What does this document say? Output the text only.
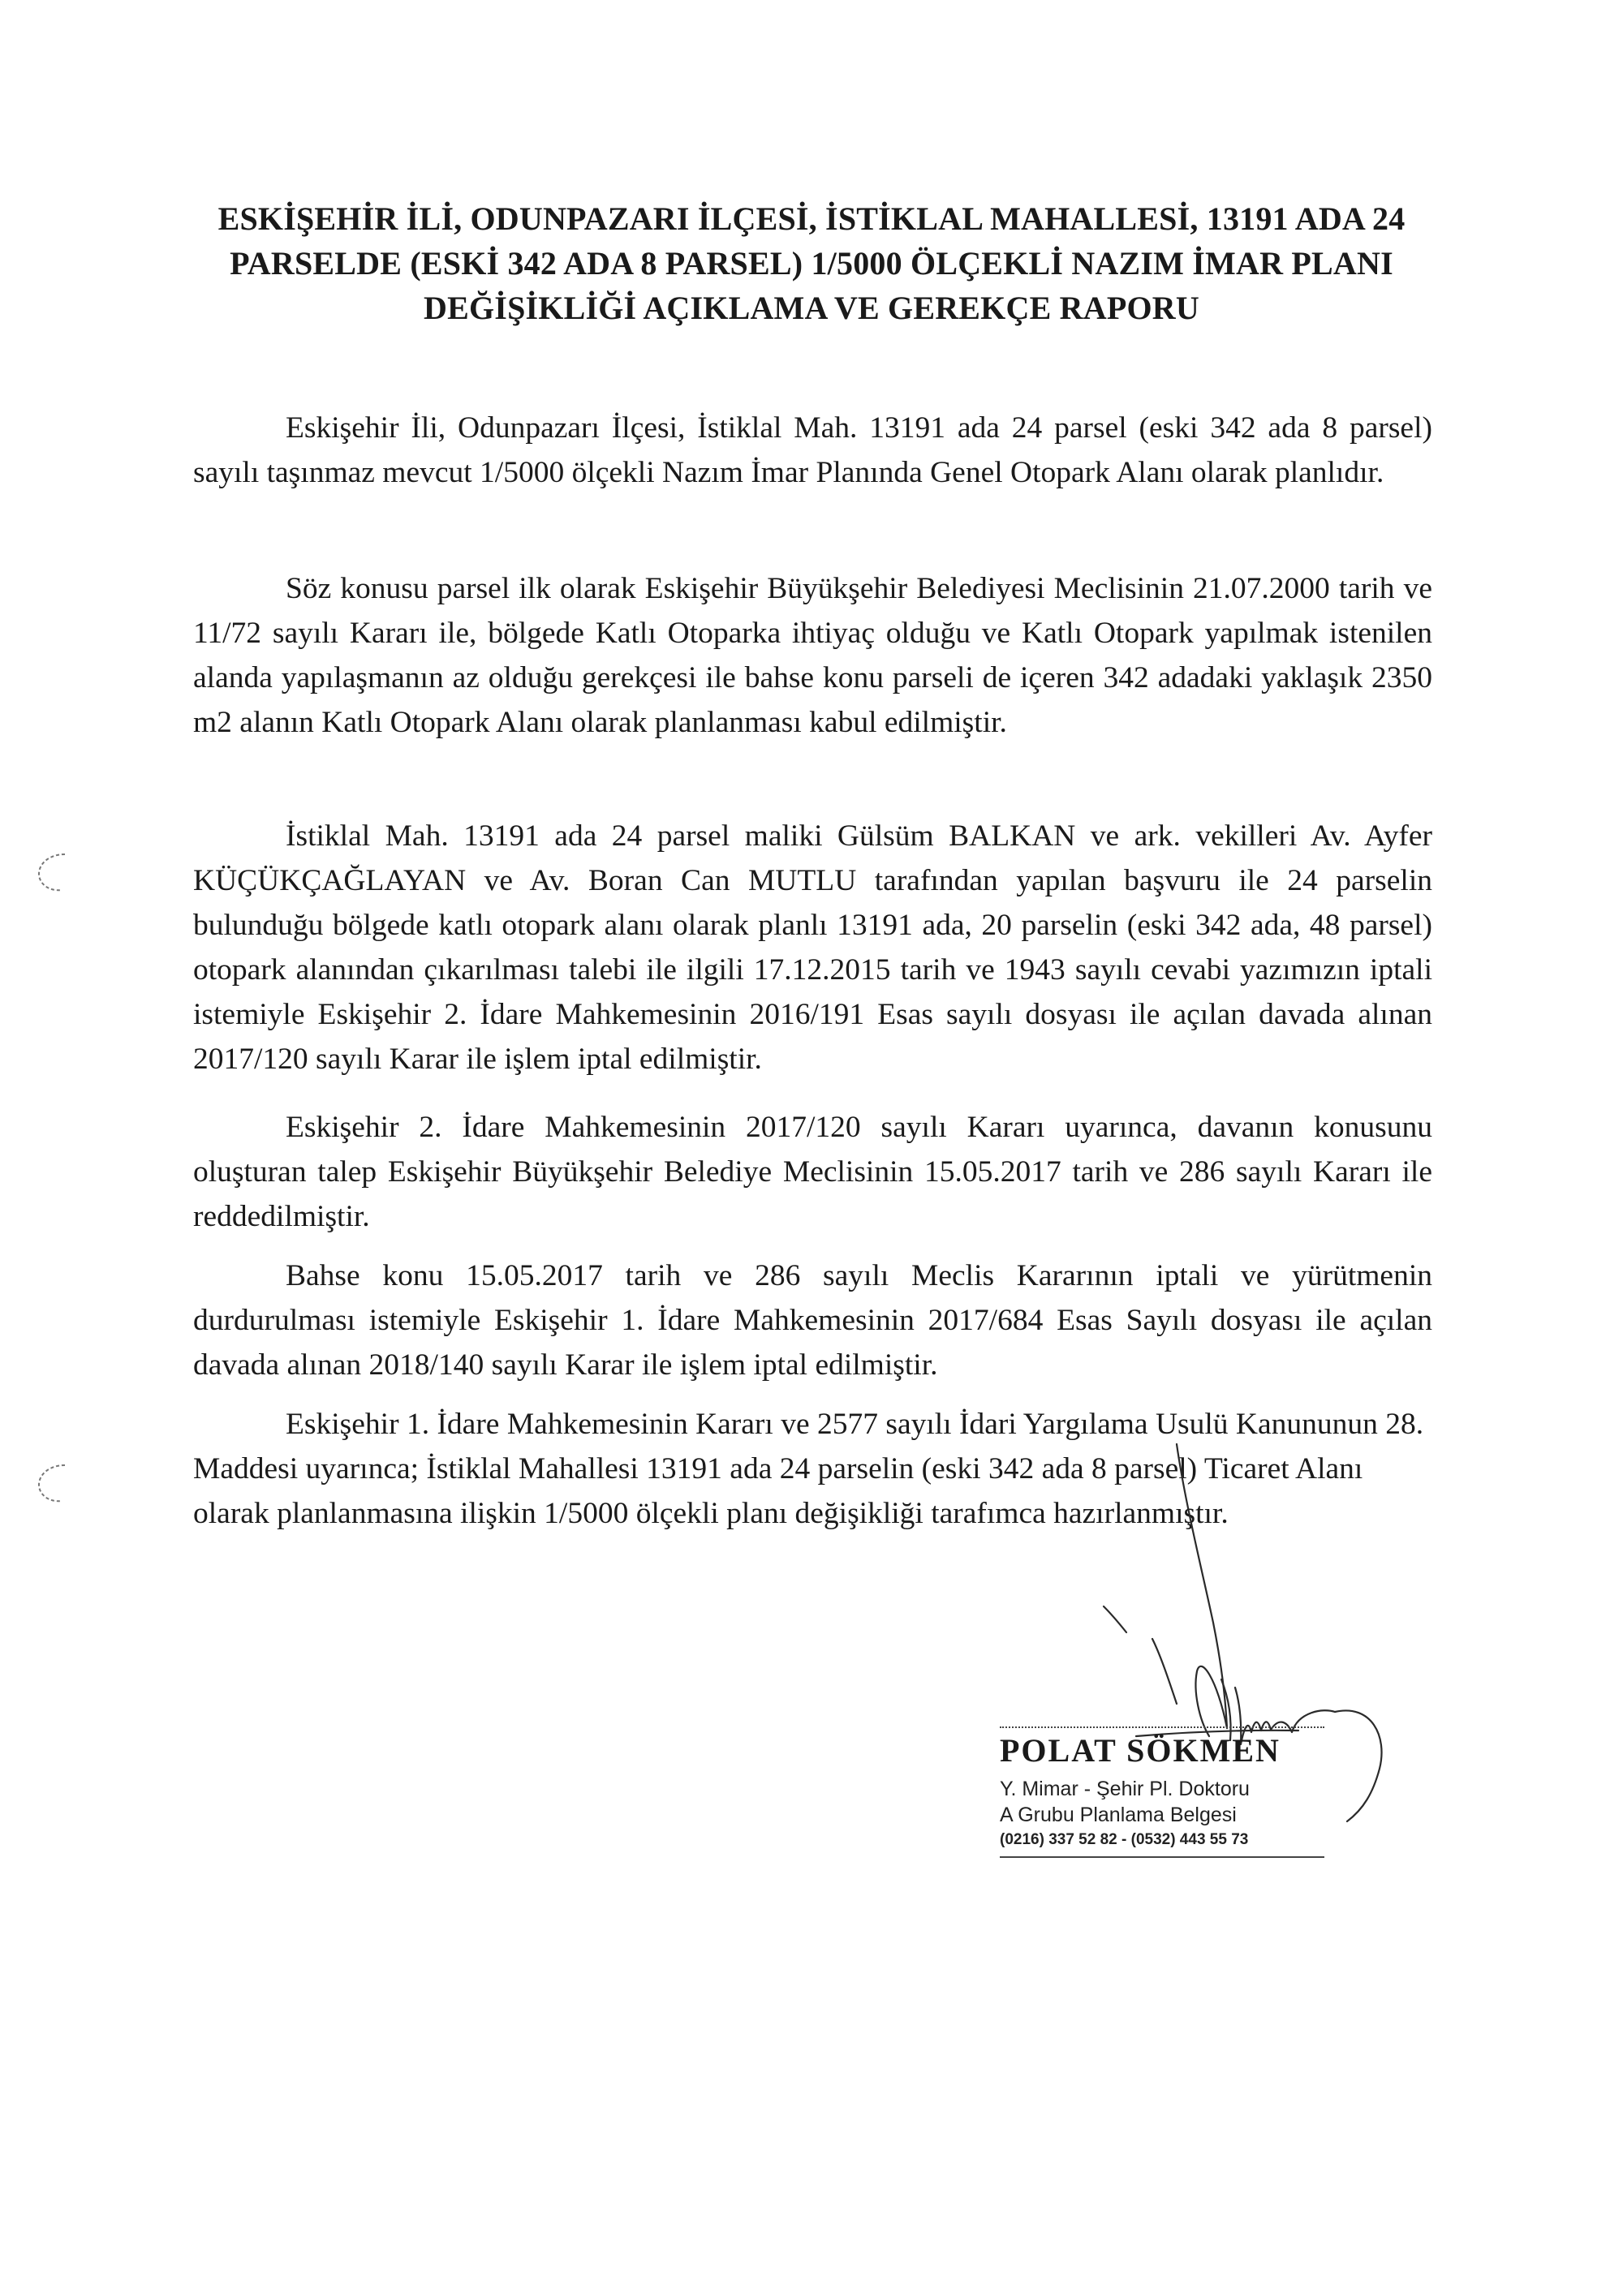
ESKİŞEHİR İLİ, ODUNPAZARI İLÇESİ, İSTİKLAL MAHALLESİ, 13191 ADA 24
PARSELDE (ESKİ 342 ADA 8 PARSEL) 1/5000 ÖLÇEKLİ NAZIM İMAR PLANI
DEĞİŞİKLİĞİ AÇIKLAMA VE GEREKÇE RAPORU

Eskişehir İli, Odunpazarı İlçesi, İstiklal Mah. 13191 ada 24 parsel (eski 342 ada 8 parsel) sayılı taşınmaz mevcut 1/5000 ölçekli Nazım İmar Planında Genel Otopark Alanı olarak planlıdır.

Söz konusu parsel ilk olarak Eskişehir Büyükşehir Belediyesi Meclisinin 21.07.2000 tarih ve 11/72 sayılı Kararı ile, bölgede Katlı Otoparka ihtiyaç olduğu ve Katlı Otopark yapılmak istenilen alanda yapılaşmanın az olduğu gerekçesi ile bahse konu parseli de içeren 342 adadaki yaklaşık 2350 m2 alanın Katlı Otopark Alanı olarak planlanması kabul edilmiştir.

İstiklal Mah. 13191 ada 24 parsel maliki Gülsüm BALKAN ve ark. vekilleri Av. Ayfer KÜÇÜKÇAĞLAYAN ve Av. Boran Can MUTLU tarafından yapılan başvuru ile 24 parselin bulunduğu bölgede katlı otopark alanı olarak planlı 13191 ada, 20 parselin (eski 342 ada, 48 parsel) otopark alanından çıkarılması talebi ile ilgili 17.12.2015 tarih ve 1943 sayılı cevabi yazımızın iptali istemiyle Eskişehir 2. İdare Mahkemesinin 2016/191 Esas sayılı dosyası ile açılan davada alınan 2017/120 sayılı Karar ile işlem iptal edilmiştir.

Eskişehir 2. İdare Mahkemesinin 2017/120 sayılı Kararı uyarınca, davanın konusunu oluşturan talep Eskişehir Büyükşehir Belediye Meclisinin 15.05.2017 tarih ve 286 sayılı Kararı ile reddedilmiştir.

Bahse konu 15.05.2017 tarih ve 286 sayılı Meclis Kararının iptali ve yürütmenin durdurulması istemiyle Eskişehir 1. İdare Mahkemesinin 2017/684 Esas Sayılı dosyası ile açılan davada alınan 2018/140 sayılı Karar ile işlem iptal edilmiştir.

Eskişehir 1. İdare Mahkemesinin Kararı ve 2577 sayılı İdari Yargılama Usulü Kanununun 28. Maddesi uyarınca; İstiklal Mahallesi 13191 ada 24 parselin (eski 342 ada 8 parsel) Ticaret Alanı olarak planlanmasına ilişkin 1/5000 ölçekli planı değişikliği tarafımca hazırlanmıştır.

POLAT SÖKMEN
Y. Mimar - Şehir Pl. Doktoru
A Grubu Planlama Belgesi
(0216) 337 52 82 - (0532) 443 55 73
